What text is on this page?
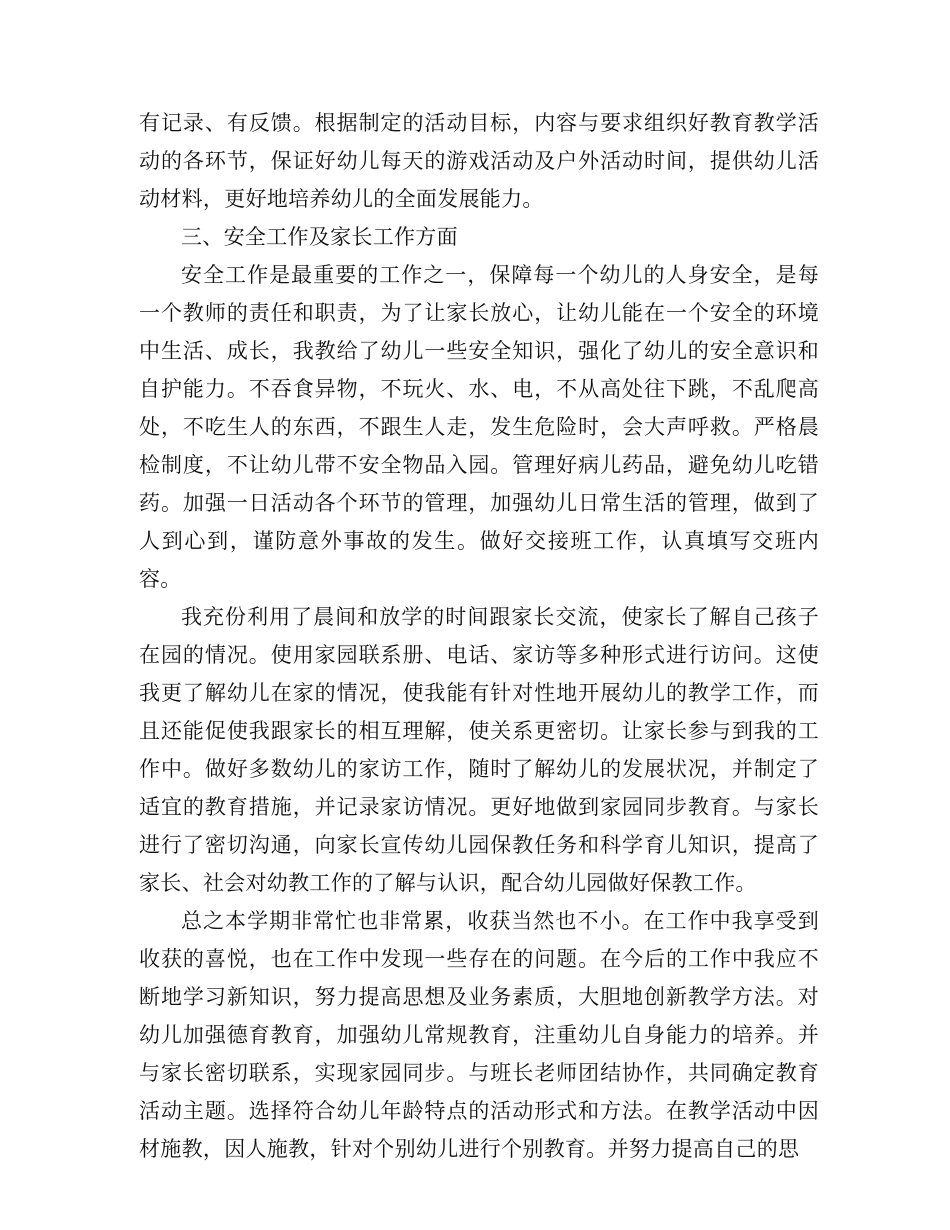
有记录、有反馈。根据制定的活动目标，内容与要求组织好教育教学活动的各环节，保证好幼儿每天的游戏活动及户外活动时间，提供幼儿活动材料，更好地培养幼儿的全面发展能力。

三、安全工作及家长工作方面

安全工作是最重要的工作之一，保障每一个幼儿的人身安全，是每一个教师的责任和职责，为了让家长放心，让幼儿能在一个安全的环境中生活、成长，我教给了幼儿一些安全知识，强化了幼儿的安全意识和自护能力。不吞食异物，不玩火、水、电，不从高处往下跳，不乱爬高处，不吃生人的东西，不跟生人走，发生危险时，会大声呼救。严格晨检制度，不让幼儿带不安全物品入园。管理好病儿药品，避免幼儿吃错药。加强一日活动各个环节的管理，加强幼儿日常生活的管理，做到了人到心到，谨防意外事故的发生。做好交接班工作，认真填写交班内容。

我充份利用了晨间和放学的时间跟家长交流，使家长了解自己孩子在园的情况。使用家园联系册、电话、家访等多种形式进行访问。这使我更了解幼儿在家的情况，使我能有针对性地开展幼儿的教学工作，而且还能促使我跟家长的相互理解，使关系更密切。让家长参与到我的工作中。做好多数幼儿的家访工作，随时了解幼儿的发展状况，并制定了适宜的教育措施，并记录家访情况。更好地做到家园同步教育。与家长进行了密切沟通，向家长宣传幼儿园保教任务和科学育儿知识，提高了家长、社会对幼教工作的了解与认识，配合幼儿园做好保教工作。

总之本学期非常忙也非常累，收获当然也不小。在工作中我享受到收获的喜悦，也在工作中发现一些存在的问题。在今后的工作中我应不断地学习新知识，努力提高思想及业务素质，大胆地创新教学方法。对幼儿加强德育教育，加强幼儿常规教育，注重幼儿自身能力的培养。并与家长密切联系，实现家园同步。与班长老师团结协作，共同确定教育活动主题。选择符合幼儿年龄特点的活动形式和方法。在教学活动中因材施教，因人施教，针对个别幼儿进行个别教育。并努力提高自己的思
